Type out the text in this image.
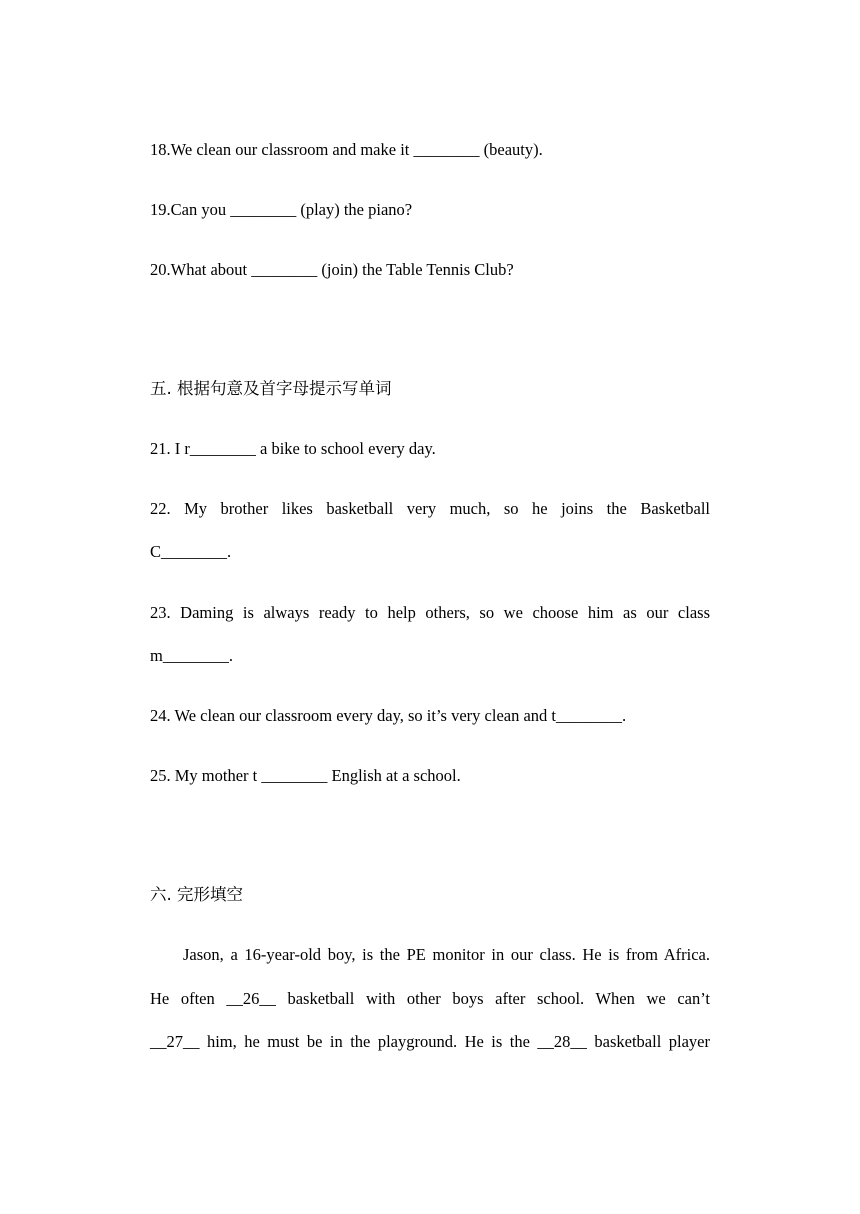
18.We clean our classroom and make it ________ (beauty).
19.Can you ________ (play) the piano?
20.What about ________ (join) the Table Tennis Club?
五. 根据句意及首字母提示写单词
21. I r________ a bike to school every day.
22. My brother likes basketball very much, so he joins the Basketball
C________.
23. Daming is always ready to help others, so we choose him as our class
m________.
24. We clean our classroom every day, so it’s very clean and t________.
25. My mother t ________ English at a school.
六. 完形填空
Jason, a 16-year-old boy, is the PE monitor in our class. He is from Africa.
He often __26__ basketball with other boys after school. When we can’t
__27__ him, he must be in the playground. He is the __28__ basketball player
